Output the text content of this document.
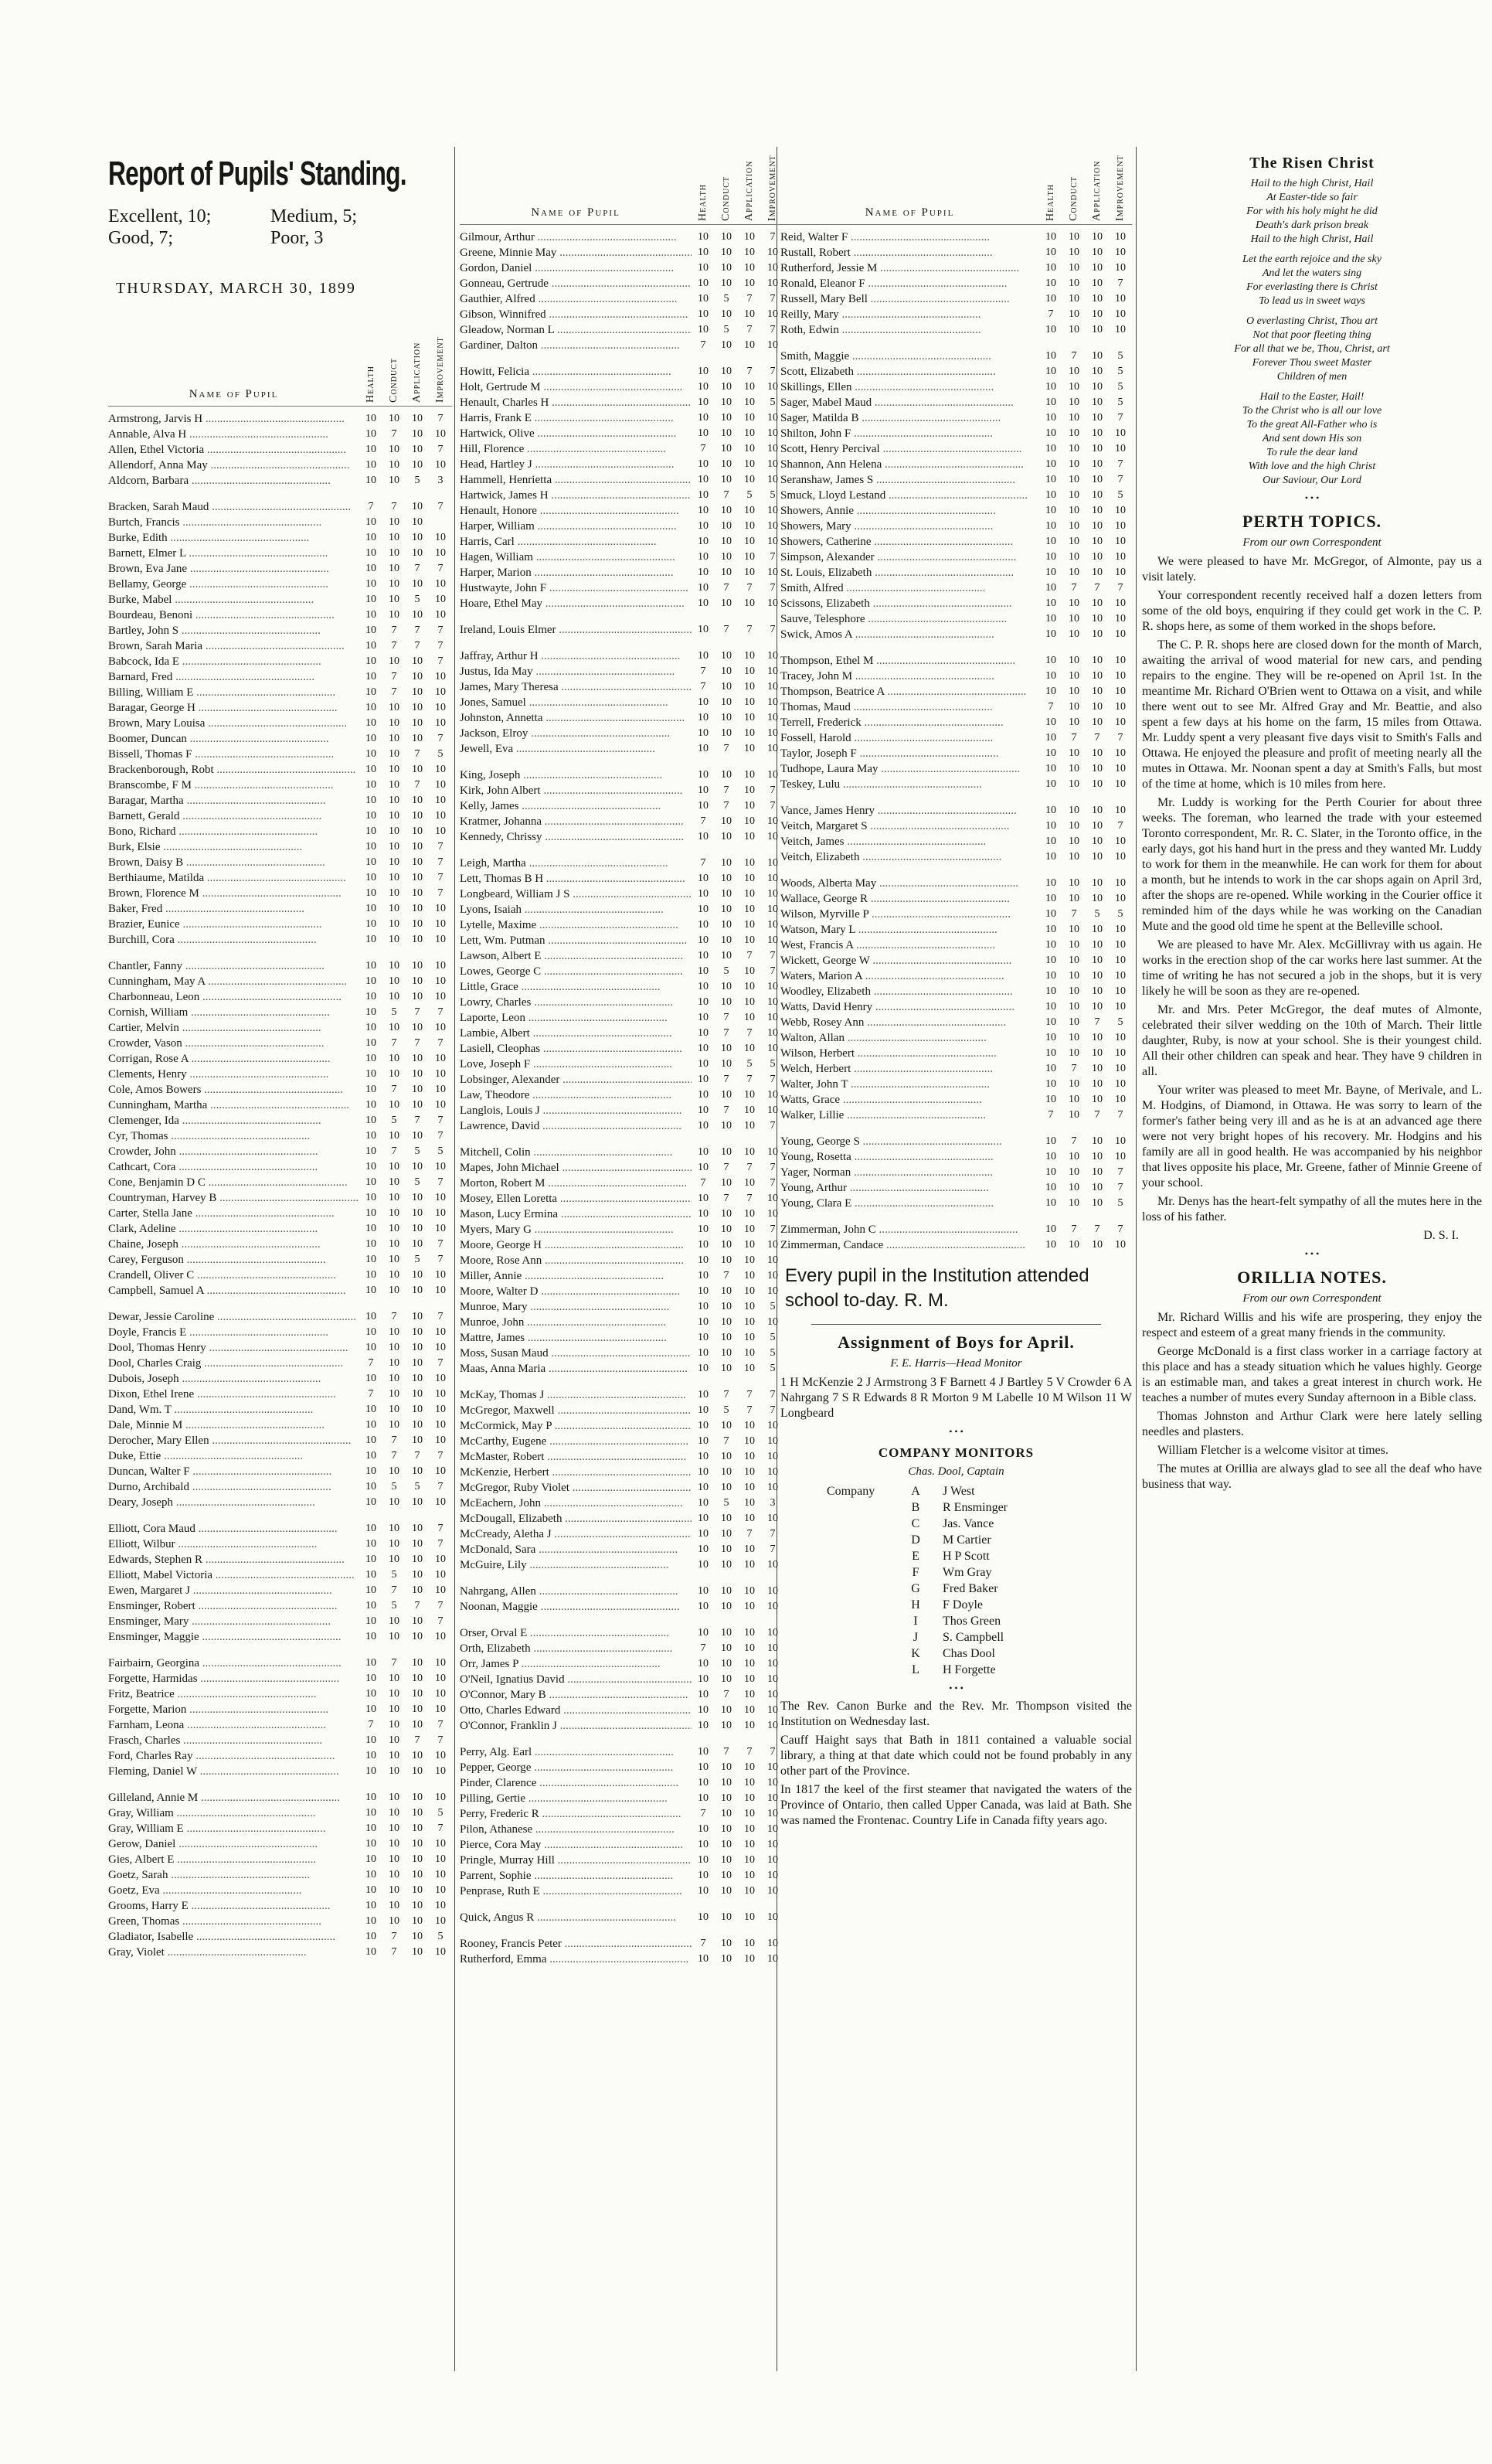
Report of Pupils' Standing.
Excellent, 10;	Medium, 5;
Good, 7;	Poor, 3
THURSDAY, MARCH 30, 1899
Name of Pupil	Health Conduct Application Improvement
Armstrong, Jarvis H .....	10	10	10	7
Annable, Alva H .....	10	7	10	10
Allen, Ethel Victoria .....	10	10	10	7
Allendorf, Anna May .....	10	10	10	10
Aldcorn, Barbara .....	10	10	5	3
Bracken, Sarah Maud .....	7	7	10	7
Burtch, Francis .....	10	10	10
Burke, Edith .....	10	10	10	10
Barnett, Elmer L .....	10	10	10	10
Brown, Eva Jane .....	10	10	7	7
Bellamy, George .....	10	10	10	10
Burke, Mabel .....	10	10	5	10
Bourdeau, Benoni .....	10	10	10	10
Bartley, John S .....	10	7	7	7
Brown, Sarah Maria .....	10	7	7	7
Babcock, Ida E .....	10	10	10	7
Barnard, Fred .....	10	7	10	10
Billing, William E .....	10	7	10	10
Baragar, George H .....	10	10	10	10
Brown, Mary Louisa .....	10	10	10	10
Boomer, Duncan .....	10	10	10	7
Bissell, Thomas F .....	10	10	7	5
Brackenborough, Robt .....	10	10	10	10
Branscombe, F M .....	10	10	7	10
Baragar, Martha .....	10	10	10	10
Barnett, Gerald .....	10	10	10	10
Bono, Richard .....	10	10	10	10
Burk, Elsie .....	10	10	10	7
Brown, Daisy B .....	10	10	10	7
Berthiaume, Matilda .....	10	10	10	7
Brown, Florence M .....	10	10	10	7
Baker, Fred .....	10	10	10	10
Brazier, Eunice .....	10	10	10	10
Burchill, Cora .....	10	10	10	10
Chantler, Fanny .....	10	10	10	10
Cunningham, May A .....	10	10	10	10
Charbonneau, Leon .....	10	10	10	10
Cornish, William .....	10	5	7	7
Cartier, Melvin .....	10	10	10	10
Crowder, Vason .....	10	7	7	7
Corrigan, Rose A .....	10	10	10	10
Clements, Henry .....	10	10	10	10
Cole, Amos Bowers .....	10	7	10	10
Cunningham, Martha .....	10	10	10	10
Clemenger, Ida .....	10	5	7	7
Cyr, Thomas .....	10	10	10	7
Crowder, John .....	10	7	5	5
Cathcart, Cora .....	10	10	10	10
Cone, Benjamin D C .....	10	10	5	7
Countryman, Harvey B .....	10	10	10	10
Carter, Stella Jane .....	10	10	10	10
Clark, Adeline .....	10	10	10	10
Chaine, Joseph .....	10	10	10	7
Carey, Ferguson .....	10	10	5	7
Crandell, Oliver C .....	10	10	10	10
Campbell, Samuel A .....	10	10	10	10
Dewar, Jessie Caroline .....	10	7	10	7
Doyle, Francis E .....	10	10	10	10
Dool, Thomas Henry .....	10	10	10	10
Dool, Charles Craig .....	7	10	10	7
Dubois, Joseph .....	10	10	10	10
Dixon, Ethel Irene .....	7	10	10	10
Dand, Wm. T .....	10	10	10	10
Dale, Minnie M .....	10	10	10	10
Derocher, Mary Ellen .....	10	7	10	10
Duke, Ettie .....	10	7	7	7
Duncan, Walter F .....	10	10	10	10
Durno, Archibald .....	10	5	5	7
Deary, Joseph .....	10	10	10	10
Elliott, Cora Maud .....	10	10	10	7
Elliott, Wilbur .....	10	10	10	7
Edwards, Stephen R .....	10	10	10	10
Elliott, Mabel Victoria .....	10	5	10	10
Ewen, Margaret J .....	10	7	10	10
Ensminger, Robert .....	10	5	7	7
Ensminger, Mary .....	10	10	10	7
Ensminger, Maggie .....	10	10	10	10
Fairbairn, Georgina .....	10	7	10	10
Forgette, Harmidas .....	10	10	10	10
Fritz, Beatrice .....	10	10	10	10
Forgette, Marion .....	10	10	10	10
Farnham, Leona .....	7	10	10	7
Frasch, Charles .....	10	10	7	7
Ford, Charles Ray .....	10	10	10	10
Fleming, Daniel W .....	10	10	10	10
Gilleland, Annie M .....	10	10	10	10
Gray, William .....	10	10	10	5
Gray, William E .....	10	10	10	7
Gerow, Daniel .....	10	10	10	10
Gies, Albert E .....	10	10	10	10
Goetz, Sarah .....	10	10	10	10
Goetz, Eva .....	10	10	10	10
Grooms, Harry E .....	10	10	10	10
Green, Thomas .....	10	10	10	10
Gladiator, Isabelle .....	10	7	10	5
Gray, Violet .....	10	7	10	10
Name of Pupil	Health Conduct Application Improvement
Gilmour, Arthur .....	10	10	10	7
Greene, Minnie May .....	10	10	10	10
Gordon, Daniel .....	10	10	10	10
Gonneau, Gertrude .....	10	10	10	10
Gauthier, Alfred .....	10	5	7	7
Gibson, Winnifred .....	10	10	10	10
Gleadow, Norman L .....	10	5	7	7
Gardiner, Dalton .....	7	10	10	10
Howitt, Felicia .....	10	10	7	7
Holt, Gertrude M .....	10	10	10	10
Henault, Charles H .....	10	10	10	5
Harris, Frank E .....	10	10	10	10
Hartwick, Olive .....	10	10	10	10
Hill, Florence .....	7	10	10	10
Head, Hartley J .....	10	10	10	10
Hammell, Henrietta .....	10	10	10	10
Hartwick, James H .....	10	7	5	5
Henault, Honore .....	10	10	10	10
Harper, William .....	10	10	10	10
Harris, Carl .....	10	10	10	10
Hagen, William .....	10	10	10	7
Harper, Marion .....	10	10	10	10
Hustwayte, John F .....	10	7	7	7
Hoare, Ethel May .....	10	10	10	10
Ireland, Louis Elmer .....	10	7	7	7
Jaffray, Arthur H .....	10	10	10	10
Justus, Ida May .....	7	10	10	10
James, Mary Theresa .....	7	10	10	10
Jones, Samuel .....	10	10	10	10
Johnston, Annetta .....	10	10	10	10
Jackson, Elroy .....	10	10	10	10
Jewell, Eva .....	10	7	10	10
King, Joseph .....	10	10	10	10
Kirk, John Albert .....	10	7	10	7
Kelly, James .....	10	7	10	7
Kratmer, Johanna .....	7	10	10	10
Kennedy, Chrissy .....	10	10	10	10
Leigh, Martha .....	7	10	10	10
Lett, Thomas B H .....	10	10	10	10
Longbeard, William J S .....	10	10	10	10
Lyons, Isaiah .....	10	10	10	10
Lytelle, Maxime .....	10	10	10	10
Lett, Wm. Putman .....	10	10	10	10
Lawson, Albert E .....	10	10	7	7
Lowes, George C .....	10	5	10	7
Little, Grace .....	10	10	10	10
Lowry, Charles .....	10	10	10	10
Laporte, Leon .....	10	7	10	10
Lambie, Albert .....	10	7	7	10
Lasiell, Cleophas .....	10	10	10	10
Love, Joseph F .....	10	10	5	5
Lobsinger, Alexander .....	10	7	7	7
Law, Theodore .....	10	10	10	10
Langlois, Louis J .....	10	7	10	10
Lawrence, David .....	10	10	10	7
Mitchell, Colin .....	10	10	10	10
Mapes, John Michael .....	10	7	7	7
Morton, Robert M .....	7	10	10	7
Mosey, Ellen Loretta .....	10	7	7	10
Mason, Lucy Ermina .....	10	10	10	10
Myers, Mary G .....	10	10	10	7
Moore, George H .....	10	10	10	10
Moore, Rose Ann .....	10	10	10	10
Miller, Annie .....	10	7	10	10
Moore, Walter D .....	10	10	10	10
Munroe, Mary .....	10	10	10	5
Munroe, John .....	10	10	10	10
Mattre, James .....	10	10	10	5
Moss, Susan Maud .....	10	10	10	5
Maas, Anna Maria .....	10	10	10	5
McKay, Thomas J .....	10	7	7	7
McGregor, Maxwell .....	10	5	7	7
McCormick, May P .....	10	10	10	10
McCarthy, Eugene .....	10	7	10	10
McMaster, Robert .....	10	10	10	10
McKenzie, Herbert .....	10	10	10	10
McGregor, Ruby Violet .....	10	10	10	10
McEachern, John .....	10	5	10	3
McDougall, Elizabeth .....	10	10	10	10
McCready, Aletha J .....	10	10	7	7
McDonald, Sara .....	10	10	10	7
McGuire, Lily .....	10	10	10	10
Nahrgang, Allen .....	10	10	10	10
Noonan, Maggie .....	10	10	10	10
Orser, Orval E .....	10	10	10	10
Orth, Elizabeth .....	7	10	10	10
Orr, James P .....	10	10	10	10
O'Neil, Ignatius David .....	10	10	10	10
O'Connor, Mary B .....	10	7	10	10
Otto, Charles Edward .....	10	10	10	10
O'Connor, Franklin J .....	10	10	10	10
Perry, Alg. Earl .....	10	7	7	7
Pepper, George .....	10	10	10	10
Pinder, Clarence .....	10	10	10	10
Pilling, Gertie .....	10	10	10	10
Perry, Frederic R .....	7	10	10	10
Pilon, Athanese .....	10	10	10	10
Pierce, Cora May .....	10	10	10	10
Pringle, Murray Hill .....	10	10	10	10
Parrent, Sophie .....	10	10	10	10
Penprase, Ruth E .....	10	10	10	10
Quick, Angus R .....	10	10	10	10
Rooney, Francis Peter .....	7	10	10	10
Rutherford, Emma .....	10	10	10	10
Name of Pupil	Health Conduct Application Improvement
Reid, Walter F .....	10	10	10	10
Rustall, Robert .....	10	10	10	10
Rutherford, Jessie M .....	10	10	10	10
Ronald, Eleanor F .....	10	10	10	7
Russell, Mary Bell .....	10	10	10	10
Reilly, Mary .....	7	10	10	10
Roth, Edwin .....	10	10	10	10
Smith, Maggie .....	10	7	10	5
Scott, Elizabeth .....	10	10	10	5
Skillings, Ellen .....	10	10	10	5
Sager, Mabel Maud .....	10	10	10	5
Sager, Matilda B .....	10	10	10	7
Shilton, John F .....	10	10	10	10
Scott, Henry Percival .....	10	10	10	10
Shannon, Ann Helena .....	10	10	10	7
Seranshaw, James S .....	10	10	10	7
Smuck, Lloyd Lestand .....	10	10	10	5
Showers, Annie .....	10	10	10	10
Showers, Mary .....	10	10	10	10
Showers, Catherine .....	10	10	10	10
Simpson, Alexander .....	10	10	10	10
St. Louis, Elizabeth .....	10	10	10	10
Smith, Alfred .....	10	7	7	7
Scissons, Elizabeth .....	10	10	10	10
Sauve, Telesphore .....	10	10	10	10
Swick, Amos A .....	10	10	10	10
Thompson, Ethel M .....	10	10	10	10
Tracey, John M .....	10	10	10	10
Thompson, Beatrice A .....	10	10	10	10
Thomas, Maud .....	7	10	10	10
Terrell, Frederick .....	10	10	10	10
Fossell, Harold .....	10	7	7	7
Taylor, Joseph F .....	10	10	10	10
Tudhope, Laura May .....	10	10	10	10
Teskey, Lulu .....	10	10	10	10
Vance, James Henry .....	10	10	10	10
Veitch, Margaret S .....	10	10	10	7
Veitch, James .....	10	10	10	10
Veitch, Elizabeth .....	10	10	10	10
Woods, Alberta May .....	10	10	10	10
Wallace, George R .....	10	10	10	10
Wilson, Myrville P .....	10	7	5	5
Watson, Mary L .....	10	10	10	10
West, Francis A .....	10	10	10	10
Wickett, George W .....	10	10	10	10
Waters, Marion A .....	10	10	10	10
Woodley, Elizabeth .....	10	10	10	10
Watts, David Henry .....	10	10	10	10
Webb, Rosey Ann .....	10	10	7	5
Walton, Allan .....	10	10	10	10
Wilson, Herbert .....	10	10	10	10
Welch, Herbert .....	10	7	10	10
Walter, John T .....	10	10	10	10
Watts, Grace .....	10	10	10	10
Walker, Lillie .....	7	10	7	7
Young, George S .....	10	7	10	10
Young, Rosetta .....	10	10	10	10
Yager, Norman .....	10	10	10	7
Young, Arthur .....	10	10	10	7
Young, Clara E .....	10	10	10	5
Zimmerman, John C .....	10	7	7	7
Zimmerman, Candace .....	10	10	10	10
Every pupil in the Institution attended school to-day. R. M.
Assignment of Boys for April.
F. E. Harris—Head Monitor
1 H McKenzie 2 J Armstrong 3 F Barnett 4 J Bartley 5 V Crowder 6 A Nahrgang 7 S R Edwards 8 R Morton 9 M Labelle 10 M Wilson 11 W Longbeard
• • •
COMPANY MONITORS
Chas. Dool, Captain
Company	A	J West
B	R Ensminger
C	Jas. Vance
D	M Cartier
E	H P Scott
F	Wm Gray
G	Fred Baker
H	F Doyle
I	Thos Green
J	S. Campbell
K	Chas Dool
L	H Forgette
• • •
The Rev. Canon Burke and the Rev. Mr. Thompson visited the Institution on Wednesday last.
Cauff Haight says that Bath in 1811 contained a valuable social library, a thing at that date which could not be found probably in any other part of the Province.
In 1817 the keel of the first steamer that navigated the waters of the Province of Ontario, then called Upper Canada, was laid at Bath. She was named the Frontenac. Country Life in Canada fifty years ago.
The Risen Christ
Hail to the high Christ, Hail
At Easter-tide so fair
For with his holy might he did
Death's dark prison break
Hail to the high Christ, Hail
Let the earth rejoice and the sky
And let the waters sing
For everlasting there is Christ
To lead us in sweet ways
O everlasting Christ, Thou art
Not that poor fleeting thing
For all that we be, Thou, Christ, art
Forever Thou sweet Master
Children of men
Hail to the Easter, Hail!
To the Christ who is all our love
To the great All-Father who is
And sent down His son
To rule the dear land
With love and the high Christ
Our Saviour, Our Lord
• • •
PERTH TOPICS.
From our own Correspondent
We were pleased to have Mr. McGregor, of Almonte, pay us a visit lately.
Your correspondent recently received half a dozen letters from some of the old boys, enquiring if they could get work in the C. P. R. shops here, as some of them worked in the shops before.
The C. P. R. shops here are closed down for the month of March, awaiting the arrival of wood material for new cars, and pending repairs to the engine. They will be re-opened on April 1st. In the meantime Mr. Richard O'Brien went to Ottawa on a visit, and while there went out to see Mr. Alfred Gray and Mr. Beattie, and also spent a few days at his home on the farm, 15 miles from Ottawa. Mr. Luddy spent a very pleasant five days visit to Smith's Falls and Ottawa. He enjoyed the pleasure and profit of meeting nearly all the mutes in Ottawa. Mr. Noonan spent a day at Smith's Falls, but most of the time at home, which is 10 miles from here.
Mr. Luddy is working for the Perth Courier for about three weeks. The foreman, who learned the trade with your esteemed Toronto correspondent, Mr. R. C. Slater, in the Toronto office, in the early days, got his hand hurt in the press and they wanted Mr. Luddy to work for them in the meanwhile. He can work for them for about a month, but he intends to work in the car shops again on April 3rd, after the shops are re-opened. While working in the Courier office it reminded him of the days while he was working on the Canadian Mute and the good old time he spent at the Belleville school.
We are pleased to have Mr. Alex. McGillivray with us again. He works in the erection shop of the car works here last summer. At the time of writing he has not secured a job in the shops, but it is very likely he will be soon as they are re-opened.
Mr. and Mrs. Peter McGregor, the deaf mutes of Almonte, celebrated their silver wedding on the 10th of March. Their little daughter, Ruby, is now at your school. She is their youngest child. All their other children can speak and hear. They have 9 children in all.
Your writer was pleased to meet Mr. Bayne, of Merivale, and L. M. Hodgins, of Diamond, in Ottawa. He was sorry to learn of the former's father being very ill and as he is at an advanced age there were not very bright hopes of his recovery. Mr. Hodgins and his family are all in good health. He was accompanied by his neighbor that lives opposite his place, Mr. Greene, father of Minnie Greene of your school.
Mr. Denys has the heart-felt sympathy of all the mutes here in the loss of his father.
D. S. I.
• • •
ORILLIA NOTES.
From our own Correspondent
Mr. Richard Willis and his wife are prospering, they enjoy the respect and esteem of a great many friends in the community.
George McDonald is a first class worker in a carriage factory at this place and has a steady situation which he values highly. George is an estimable man, and takes a great interest in church work. He teaches a number of mutes every Sunday afternoon in a Bible class.
Thomas Johnston and Arthur Clark were here lately selling needles and plasters.
William Fletcher is a welcome visitor at times.
The mutes at Orillia are always glad to see all the deaf who have business that way.
